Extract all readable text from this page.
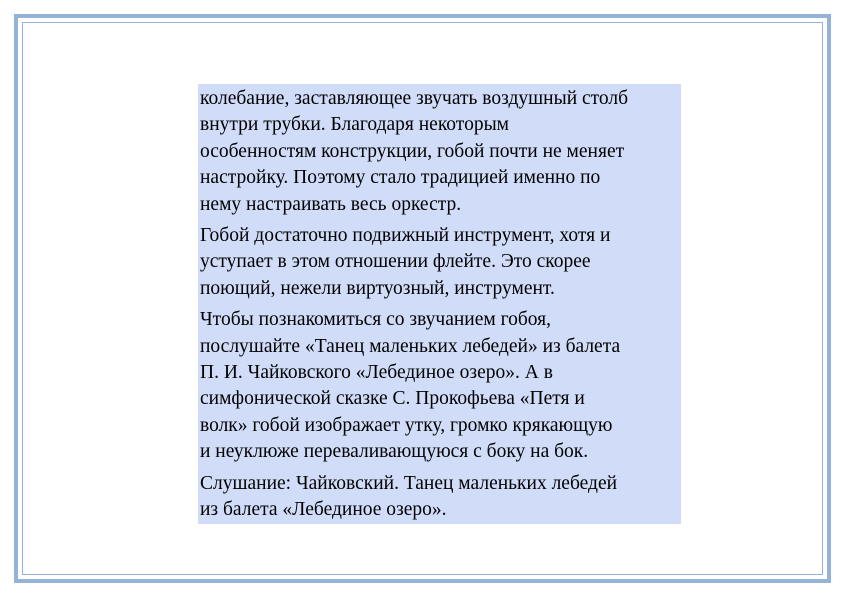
колебание, заставляющее звучать воздушный столб
внутри трубки. Благодаря некоторым
особенностям конструкции, гобой почти не меняет
настройку. Поэтому стало традицией именно по
нему настраивать весь оркестр.

Гобой достаточно подвижный инструмент, хотя и
уступает в этом отношении флейте. Это скорее
поющий, нежели виртуозный, инструмент.

Чтобы познакомиться со звучанием гобоя,
послушайте «Танец маленьких лебедей» из балета
П. И. Чайковского «Лебединое озеро». А в
симфонической сказке С. Прокофьева «Петя и
волк» гобой изображает утку, громко крякающую
и неуклюже переваливающуюся с боку на бок.

Слушание: Чайковский. Танец маленьких лебедей
из балета «Лебединое озеро».
